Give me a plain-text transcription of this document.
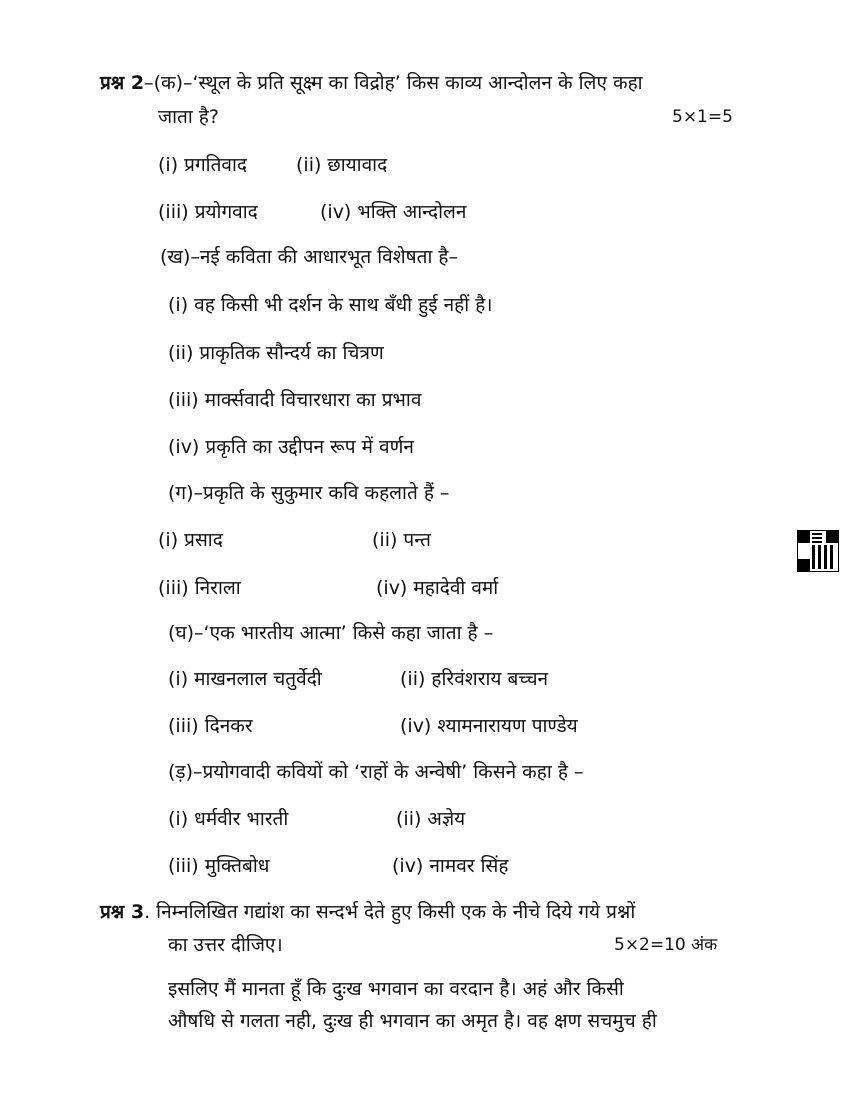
प्रश्न 2–(क)–‘स्थूल के प्रति सूक्ष्म का विद्रोह’ किस काव्य आन्दोलन के लिए कहा
जाता है?	5×1=5
(i) प्रगतिवाद	(ii) छायावाद
(iii) प्रयोगवाद	(iv) भक्ति आन्दोलन
(ख)–नई कविता की आधारभूत विशेषता है–
(i) वह किसी भी दर्शन के साथ बँधी हुई नहीं है।
(ii) प्राकृतिक सौन्दर्य का चित्रण
(iii) मार्क्सवादी विचारधारा का प्रभाव
(iv) प्रकृति का उद्दीपन रूप में वर्णन
(ग)–प्रकृति के सुकुमार कवि कहलाते हैं –
(i) प्रसाद	(ii) पन्त
(iii) निराला	(iv) महादेवी वर्मा
(घ)–‘एक भारतीय आत्मा’ किसे कहा जाता है –
(i) माखनलाल चतुर्वेदी	(ii) हरिवंशराय बच्चन
(iii) दिनकर	(iv) श्यामनारायण पाण्डेय
(ड़)–प्रयोगवादी कवियों को ‘राहों के अन्वेषी’ किसने कहा है –
(i) धर्मवीर भारती	(ii) अज्ञेय
(iii) मुक्तिबोध	(iv) नामवर सिंह
प्रश्न 3. निम्नलिखित गद्यांश का सन्दर्भ देते हुए किसी एक के नीचे दिये गये प्रश्नों
का उत्तर दीजिए।	5×2=10 अंक
इसलिए मैं मानता हूँ कि दुःख भगवान का वरदान है। अहं और किसी
औषधि से गलता नही, दुःख ही भगवान का अमृत है। वह क्षण सचमुच ही
